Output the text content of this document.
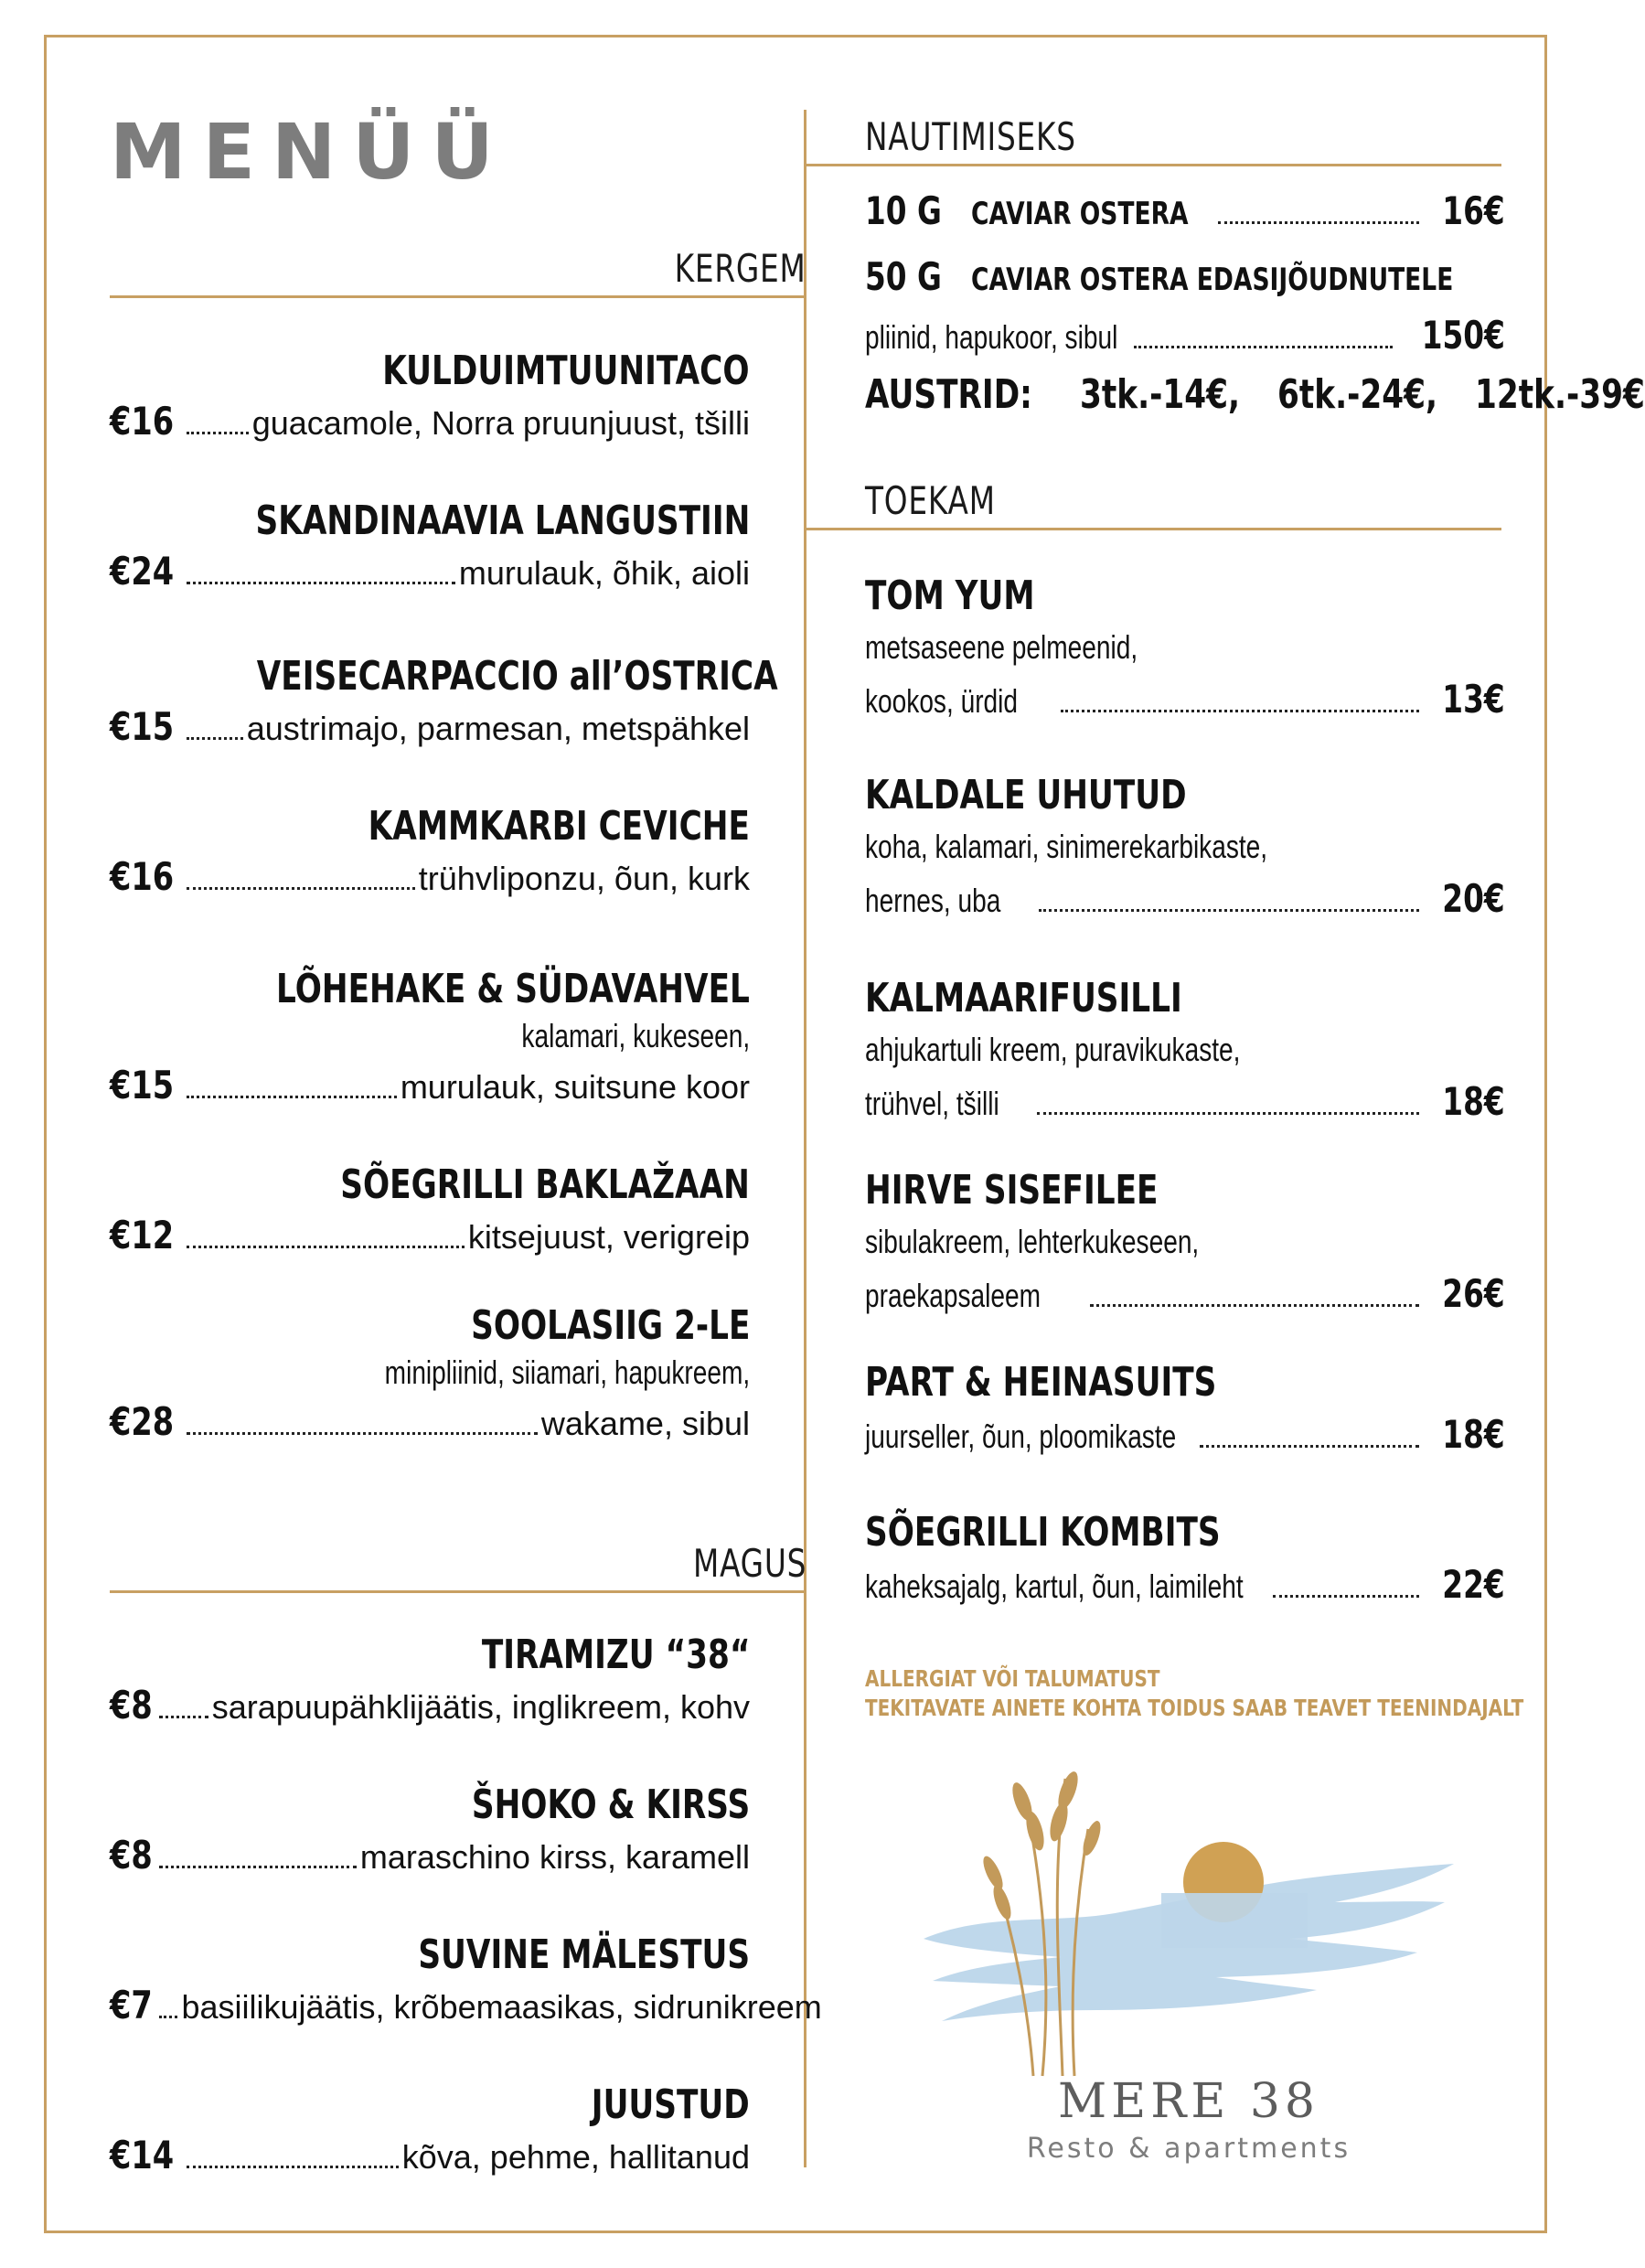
MENÜÜ
KERGEM
KULDUIMTUUNITACO
€16 guacamole, Norra pruunjuust, tšilli
SKANDINAAVIA LANGUSTIIN
€24	murulauk, õhik, aioli
VEISECARPACCIO all’OSTRICA
€15 austrimajo, parmesan, metspähkel
KAMMKARBI CEVICHE
€16	trühvliponzu, õun, kurk
LÕHEHAKE & SÜDAVAHVEL
kalamari, kukeseen,
€15	murulauk, suitsune koor
SÕEGRILLI BAKLAŽAAN
€12	kitsejuust, verigreip
SOOLASIIG 2-LE
minipliinid, siiamari, hapukreem,
€28	wakame, sibul
MAGUS
TIRAMIZU “38“
€8 sarapuupähklijäätis, inglikreem, kohv
ŠHOKO & KIRSS
€8	maraschino kirss, karamell
SUVINE MÄLESTUS
€7 basiilikujäätis, krõbemaasikas, sidrunikreem
JUUSTUD
€14	kõva, pehme, hallitanud
NAUTIMISEKS
10 G CAVIAR OSTERA	16€
50 G CAVIAR OSTERA EDASIJÕUDNUTELE
pliinid, hapukoor, sibul	150€
AUSTRID: 3tk.-14€, 6tk.-24€, 12tk.-39€
TOEKAM
TOM YUM
metsaseene pelmeenid,
kookos, ürdid	13€
KALDALE UHUTUD
koha, kalamari, sinimerekarbikaste,
hernes, uba	20€
KALMAARIFUSILLI
ahjukartuli kreem, puravikukaste,
trühvel, tšilli	18€
HIRVE SISEFILEE
sibulakreem, lehterkukeseen,
praekapsaleem	26€
PART & HEINASUITS
juurseller, õun, ploomikaste	18€
SÕEGRILLI KOMBITS
kaheksajalg, kartul, õun, laimileht	22€
ALLERGIAT VÕI TALUMATUST
TEKITAVATE AINETE KOHTA TOIDUS SAAB TEAVET TEENINDAJALT
MERE 38
Resto & apartments
